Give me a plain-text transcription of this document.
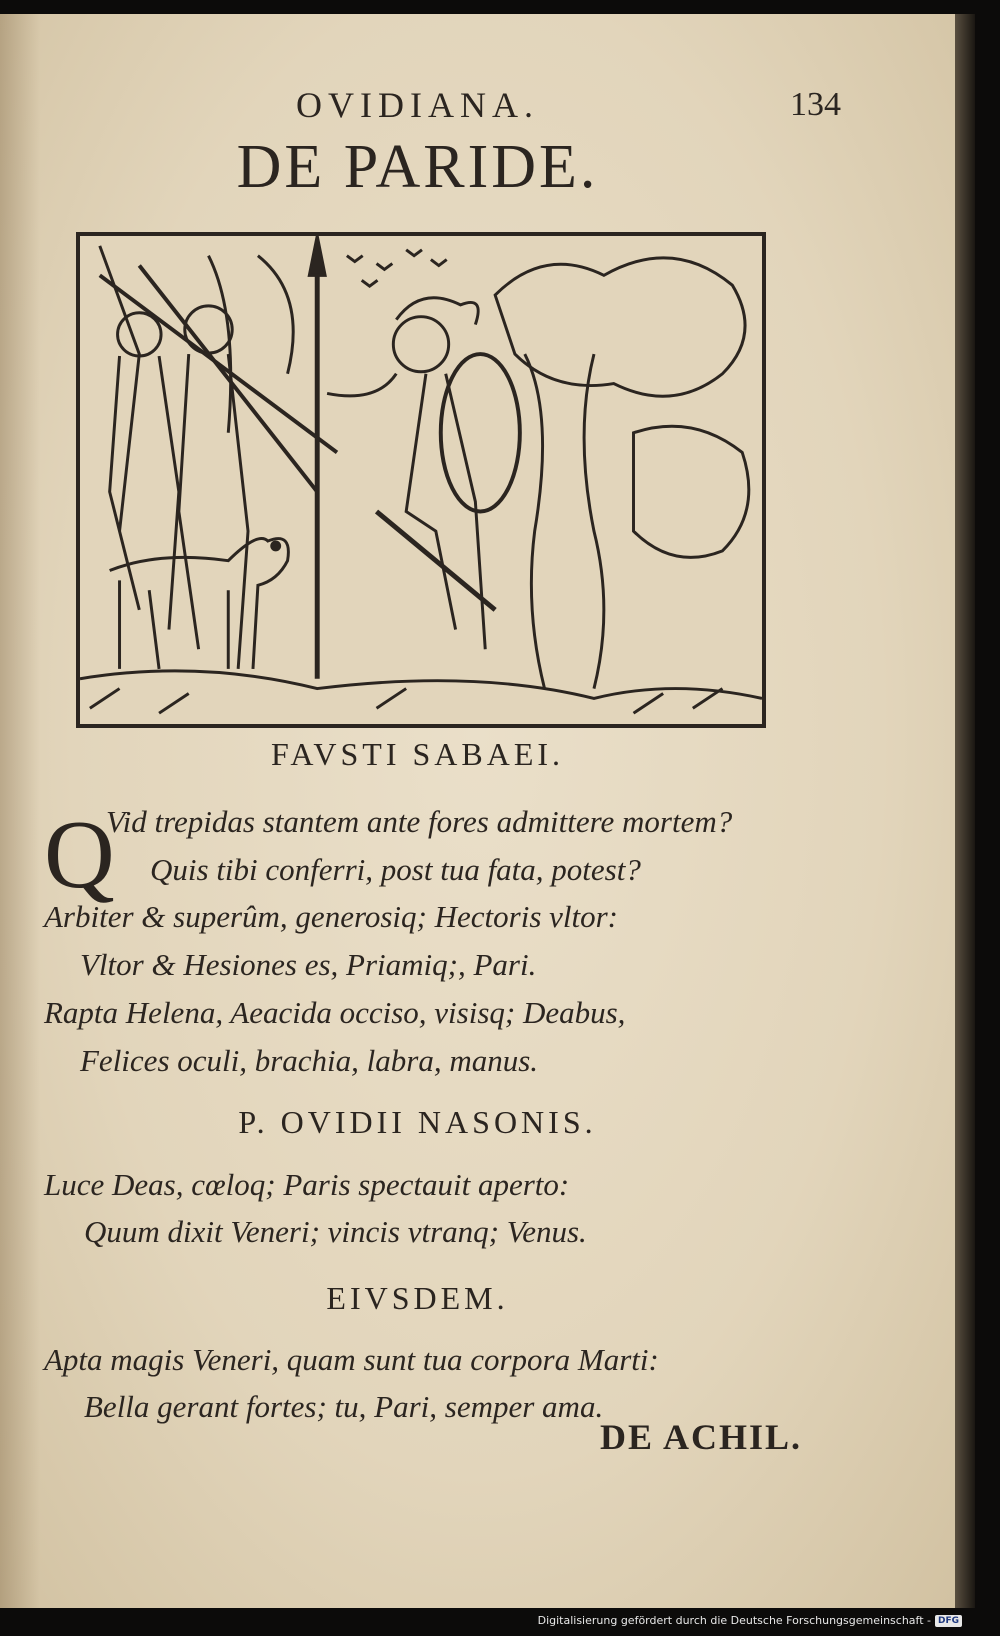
OVIDIANA.	134
DE PARIDE.
FAVSTI SABAEI.
Q
Vid trepidas stantem ante fores admittere mortem?
Quis tibi conferri, post tua fata, potest?
Arbiter & superûm, generosiq; Hectoris vltor:
Vltor & Hesiones es, Priamiq;, Pari.
Rapta Helena, Aeacida occiso, visisq; Deabus,
Felices oculi, brachia, labra, manus.
P. OVIDII NASONIS.
Luce Deas, cœloq; Paris spectauit aperto:
Quum dixit Veneri; vincis vtranq; Venus.
EIVSDEM.
Apta magis Veneri, quam sunt tua corpora Marti:
Bella gerant fortes; tu, Pari, semper ama.
DE ACHIL.
Digitalisierung gefördert durch die Deutsche Forschungsgemeinschaft - DFG
